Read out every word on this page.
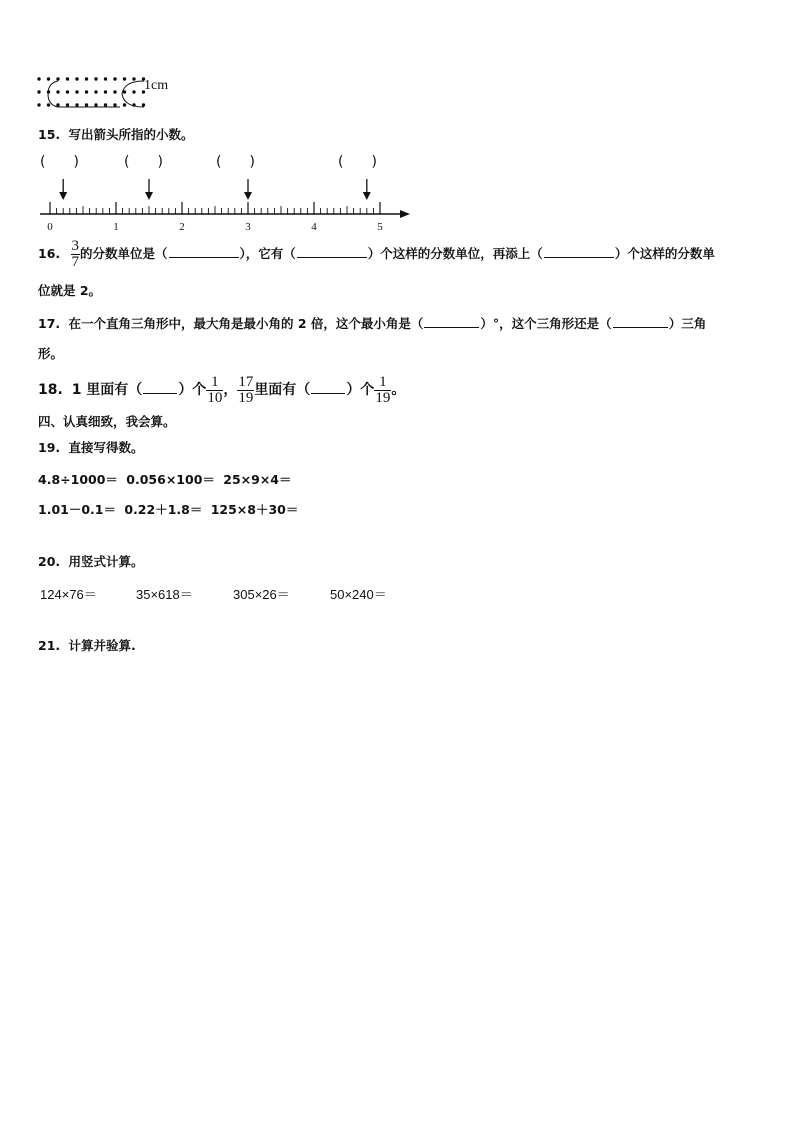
1cm
15. 写出箭头所指的小数。
(　　)	(　　)	(　　)	(　　)
0	1	2	3	4	5
16. $\frac{3}{7}$ 的分数单位是（	），它有（	）个这样的分数单位，再添上（	）个这样的分数单
位就是 2。
17. 在一个直角三角形中，最大角是最小角的 2 倍，这个最小角是（	）°，这个三角形还是（	）三角
形。
18. 1 里面有（	）个 $\frac{1}{10}$ ， $\frac{17}{19}$ 里面有（	）个 $\frac{1}{19}$ 。
四、认真细致，我会算。
19. 直接写得数。
4.8÷1000＝ 0.056×100＝ 25×9×4＝
1.01－0.1＝ 0.22＋1.8＝ 125×8＋30＝
20. 用竖式计算。
124×76＝	35×618＝	305×26＝	50×240＝
21. 计算并验算.
